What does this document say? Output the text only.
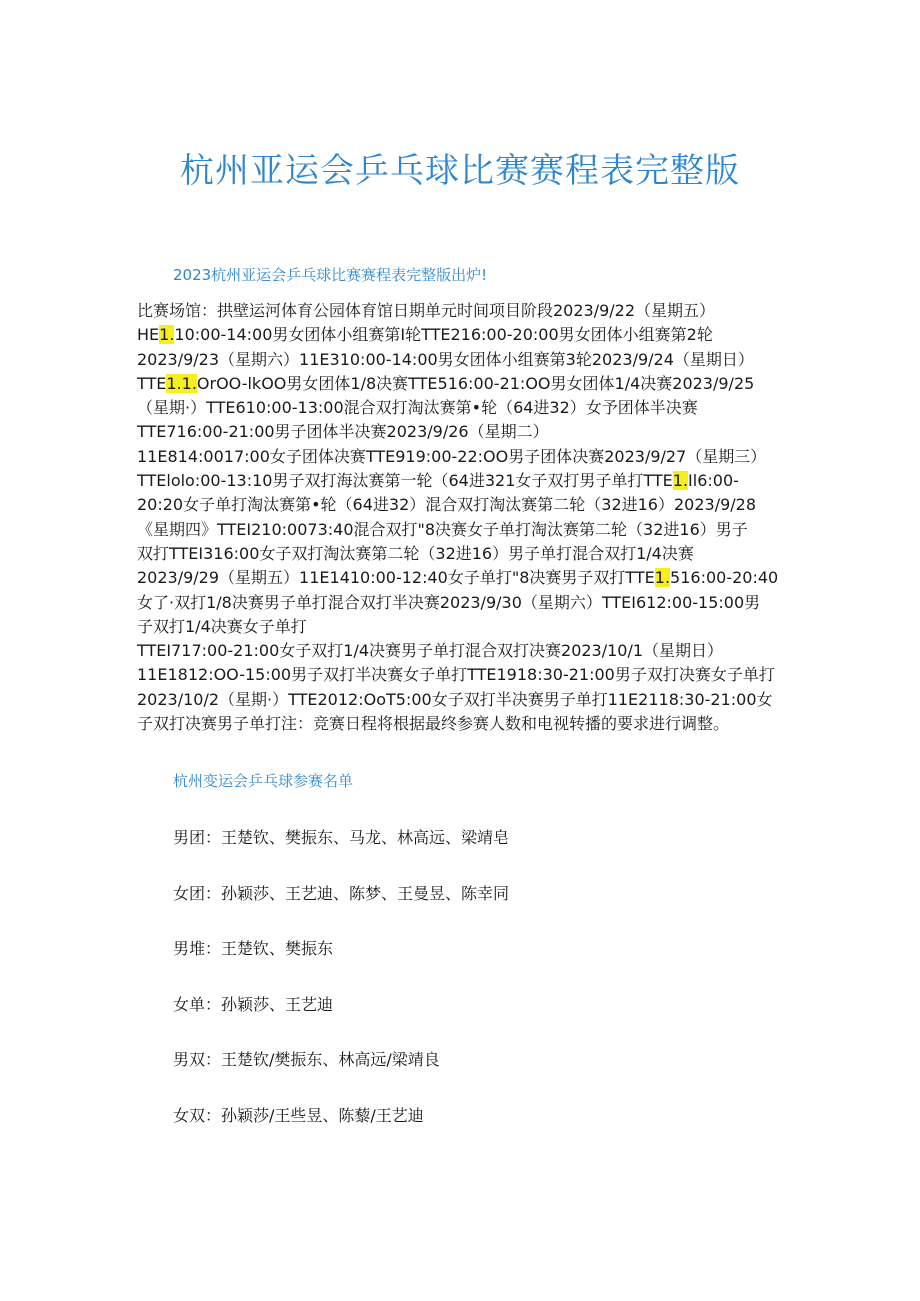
杭州亚运会乒乓球比赛赛程表完整版

2023杭州亚运会乒乓球比赛赛程表完整版出炉!

比赛场馆：拱壁运河体育公园体育馆日期单元时间项目阶段2023/9/22（星期五）
HE1.10:00-14:00男女团体小组赛第I轮TTE216:00-20:00男女团体小组赛第2轮
2023/9/23（星期六）11E310:00-14:00男女团体小组赛第3轮2023/9/24（星期日）
TTE1.1.OrOO-lkOO男女团体1/8决赛TTE516:00-21:OO男女团体1/4决赛2023/9/25
（星期·）TTE610:00-13:00混合双打淘汰赛第•轮（64进32）女予团体半决赛
TTE716:00-21:00男子团体半决赛2023/9/26（星期二）
11E814:0017:00女子团体决赛TTE919:00-22:OO男子团体决赛2023/9/27（星期三）
TTElolo:00-13:10男子双打海汰赛第一轮（64进321女子双打男子单打TTE1.Il6:00-
20:20女子单打淘汰赛第•轮（64进32）混合双打淘汰赛第二轮（32进16）2023/9/28
《星期四》TTEI210:0073:40混合双打"8决赛女子单打淘汰赛第二轮（32进16）男子
双打TTEI316:00女子双打淘汰赛第二轮（32进16）男子单打混合双打1/4决赛
2023/9/29（星期五）11E1410:00-12:40女子单打"8决赛男子双打TTE1.516:00-20:40
女了·双打1/8决赛男子单打混合双打半决赛2023/9/30（星期六）TTEI612:00-15:00男
子双打1/4决赛女子单打
TTEI717:00-21:00女子双打1/4决赛男子单打混合双打决赛2023/10/1（星期日）
11E1812:OO-15:00男子双打半决赛女子单打TTE1918:30-21:00男子双打决赛女子单打
2023/10/2（星期·）TTE2012:OoT5:00女子双打半决赛男子单打11E2118:30-21:00女
子双打决赛男子单打注：竞赛日程将根据最终参赛人数和电视转播的要求进行调整。

杭州变运会乒乓球参赛名单

男团：王楚钦、樊振东、马龙、林高远、梁靖皂
女团：孙颖莎、王艺迪、陈梦、王曼昱、陈幸同
男堆：王楚钦、樊振东
女单：孙颖莎、王艺迪
男双：王楚钦/樊振东、林高远/梁靖良
女双：孙颖莎/王些昱、陈藜/王艺迪
